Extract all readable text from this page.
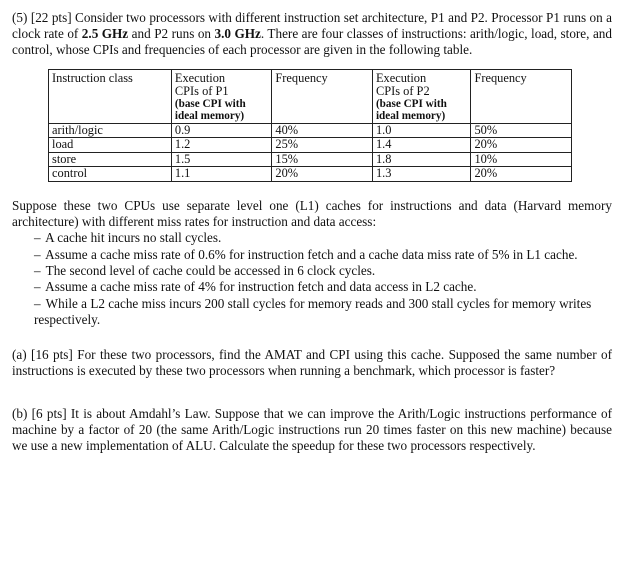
(5) [22 pts] Consider two processors with different instruction set architecture, P1 and P2. Processor P1 runs on a clock rate of 2.5 GHz and P2 runs on 3.0 GHz. There are four classes of instructions: arith/logic, load, store, and control, whose CPIs and frequencies of each processor are given in the following table.

Instruction class	Execution
CPIs of P1
(base CPI with
ideal memory)	Frequency	Execution
CPIs of P2
(base CPI with
ideal memory)	Frequency
arith/logic	0.9	40%	1.0	50%
load	1.2	25%	1.4	20%
store	1.5	15%	1.8	10%
control	1.1	20%	1.3	20%

Suppose these two CPUs use separate level one (L1) caches for instructions and data (Harvard memory architecture) with different miss rates for instruction and data access:

– A cache hit incurs no stall cycles.
– Assume a cache miss rate of 0.6% for instruction fetch and a cache data miss rate of 5% in L1 cache.
– The second level of cache could be accessed in 6 clock cycles.
– Assume a cache miss rate of 4% for instruction fetch and data access in L2 cache.
– While a L2 cache miss incurs 200 stall cycles for memory reads and 300 stall cycles for memory writes respectively.

(a) [16 pts] For these two processors, find the AMAT and CPI using this cache. Supposed the same number of instructions is executed by these two processors when running a benchmark, which processor is faster?

(b) [6 pts] It is about Amdahl’s Law. Suppose that we can improve the Arith/Logic instructions performance of machine by a factor of 20 (the same Arith/Logic instructions run 20 times faster on this new machine) because we use a new implementation of ALU. Calculate the speedup for these two processors respectively.
